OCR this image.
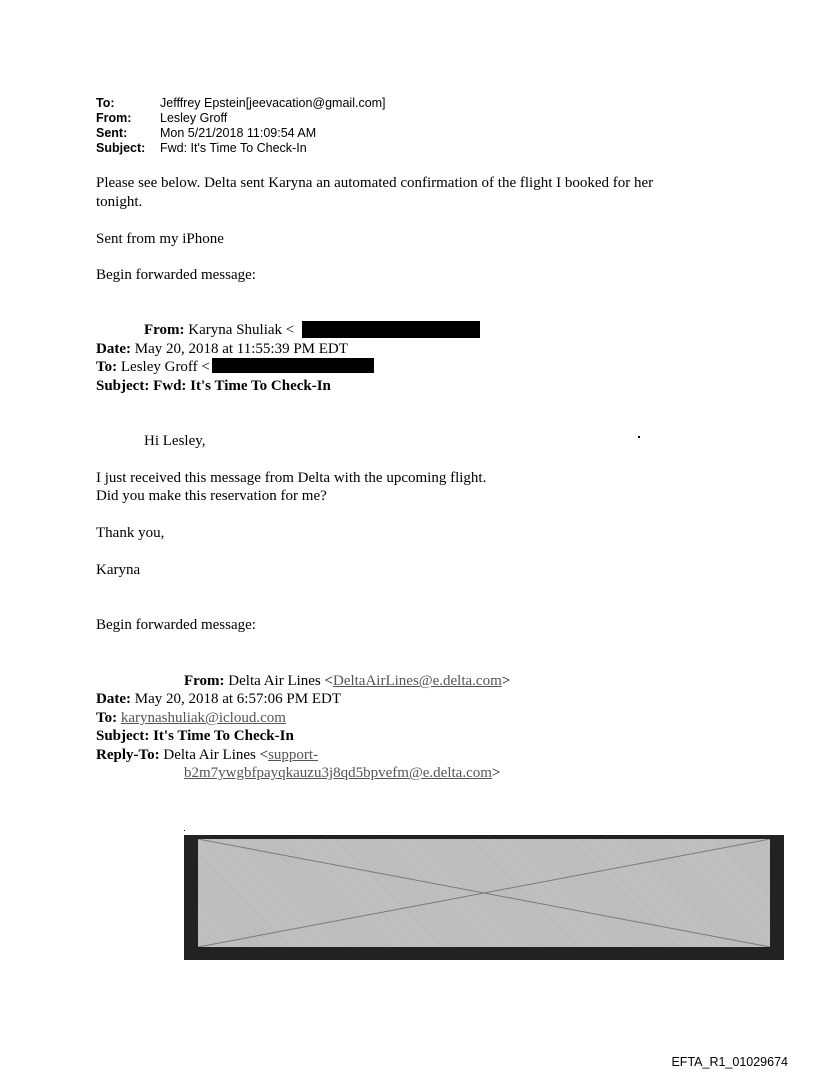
To:	Jefffrey Epstein[jeevacation@gmail.com]
From: Lesley Groff
Sent:	Mon 5/21/2018 11:09:54 AM
Subject: Fwd: It's Time To Check-In
Please see below. Delta sent Karyna an automated confirmation of the flight I booked for her
tonight.
Sent from my iPhone
Begin forwarded message:
From: Karyna Shuliak <
Date: May 20, 2018 at 11:55:39 PM EDT
To: Lesley Groff <
Subject: Fwd: It's Time To Check-In
Hi Lesley,
I just received this message from Delta with the upcoming flight.
Did you make this reservation for me?
Thank you,
Karyna
Begin forwarded message:
From: Delta Air Lines <DeltaAirLines@e.delta.com>
Date: May 20, 2018 at 6:57:06 PM EDT
To: karynashuliak@icloud.com
Subject: It's Time To Check-In
Reply-To: Delta Air Lines <support-
b2m7ywgbfpayqkauzu3j8qd5bpvefm@e.delta.com>
EFTA_R1_01029674
